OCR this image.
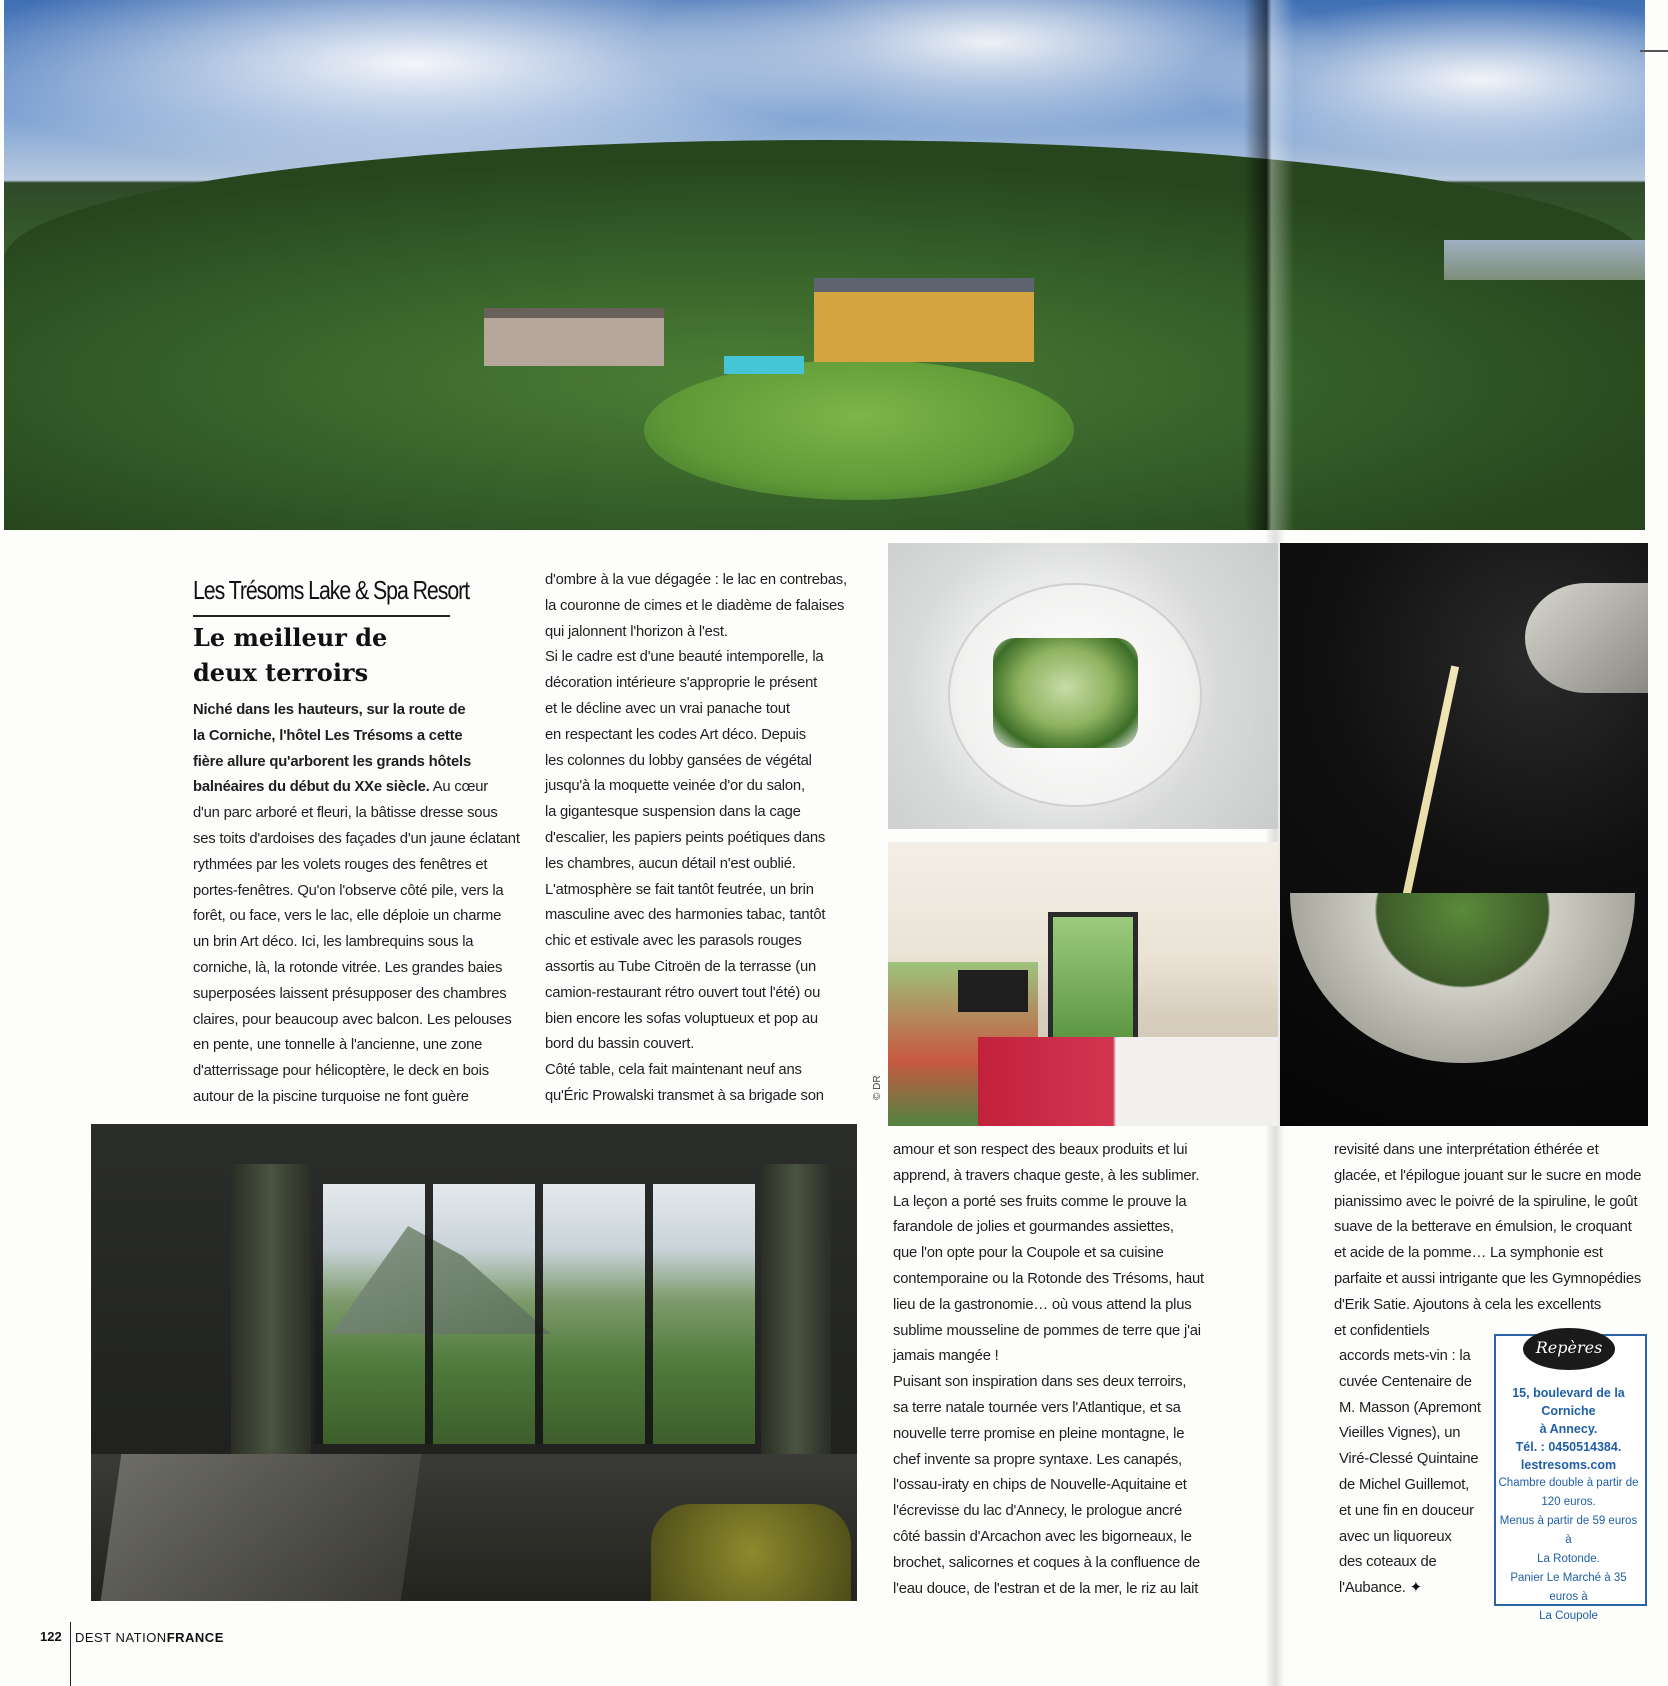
Les Trésoms Lake & Spa Resort
Le meilleur de
deux terroirs

Niché dans les hauteurs, sur la route de

la Corniche, l'hôtel Les Trésoms a cette

fière allure qu'arborent les grands hôtels

balnéaires du début du XXe siècle. Au cœur

d'un parc arboré et fleuri, la bâtisse dresse sous

ses toits d'ardoises des façades d'un jaune éclatant

rythmées par les volets rouges des fenêtres et

portes-fenêtres. Qu'on l'observe côté pile, vers la

forêt, ou face, vers le lac, elle déploie un charme

un brin Art déco. Ici, les lambrequins sous la

corniche, là, la rotonde vitrée. Les grandes baies

superposées laissent présupposer des chambres

claires, pour beaucoup avec balcon. Les pelouses

en pente, une tonnelle à l'ancienne, une zone

d'atterrissage pour hélicoptère, le deck en bois

autour de la piscine turquoise ne font guère

d'ombre à la vue dégagée : le lac en contrebas,

la couronne de cimes et le diadème de falaises

qui jalonnent l'horizon à l'est.

Si le cadre est d'une beauté intemporelle, la

décoration intérieure s'approprie le présent

et le décline avec un vrai panache tout

en respectant les codes Art déco. Depuis

les colonnes du lobby gansées de végétal

jusqu'à la moquette veinée d'or du salon,

la gigantesque suspension dans la cage

d'escalier, les papiers peints poétiques dans

les chambres, aucun détail n'est oublié.

L'atmosphère se fait tantôt feutrée, un brin

masculine avec des harmonies tabac, tantôt

chic et estivale avec les parasols rouges

assortis au Tube Citroën de la terrasse (un

camion-restaurant rétro ouvert tout l'été) ou

bien encore les sofas voluptueux et pop au

bord du bassin couvert.

Côté table, cela fait maintenant neuf ans

qu'Éric Prowalski transmet à sa brigade son	© DR

amour et son respect des beaux produits et lui

apprend, à travers chaque geste, à les sublimer.

La leçon a porté ses fruits comme le prouve la

farandole de jolies et gourmandes assiettes,

que l'on opte pour la Coupole et sa cuisine

contemporaine ou la Rotonde des Trésoms, haut

lieu de la gastronomie… où vous attend la plus

sublime mousseline de pommes de terre que j'ai

jamais mangée !

Puisant son inspiration dans ses deux terroirs,

sa terre natale tournée vers l'Atlantique, et sa

nouvelle terre promise en pleine montagne, le

chef invente sa propre syntaxe. Les canapés,

l'ossau-iraty en chips de Nouvelle-Aquitaine et

l'écrevisse du lac d'Annecy, le prologue ancré

côté bassin d'Arcachon avec les bigorneaux, le

brochet, salicornes et coques à la confluence de

l'eau douce, de l'estran et de la mer, le riz au lait

revisité dans une interprétation éthérée et

glacée, et l'épilogue jouant sur le sucre en mode

pianissimo avec le poivré de la spiruline, le goût

suave de la betterave en émulsion, le croquant

et acide de la pomme… La symphonie est

parfaite et aussi intrigante que les Gymnopédies

d'Erik Satie. Ajoutons à cela les excellents

et confidentiels

accords mets-vin : la

cuvée Centenaire de

M. Masson (Apremont

Vieilles Vignes), un

Viré-Clessé Quintaine

de Michel Guillemot,

et une fin en douceur

avec un liquoreux

des coteaux de

l'Aubance. ✦

Repères
15, boulevard de la Corniche
à Annecy.
Tél. : 0450514384.
lestresoms.com
Chambre double à partir de
120 euros.
Menus à partir de 59 euros à
La Rotonde.
Panier Le Marché à 35 euros à
La Coupole
122 DEST NATIONFRANCE
